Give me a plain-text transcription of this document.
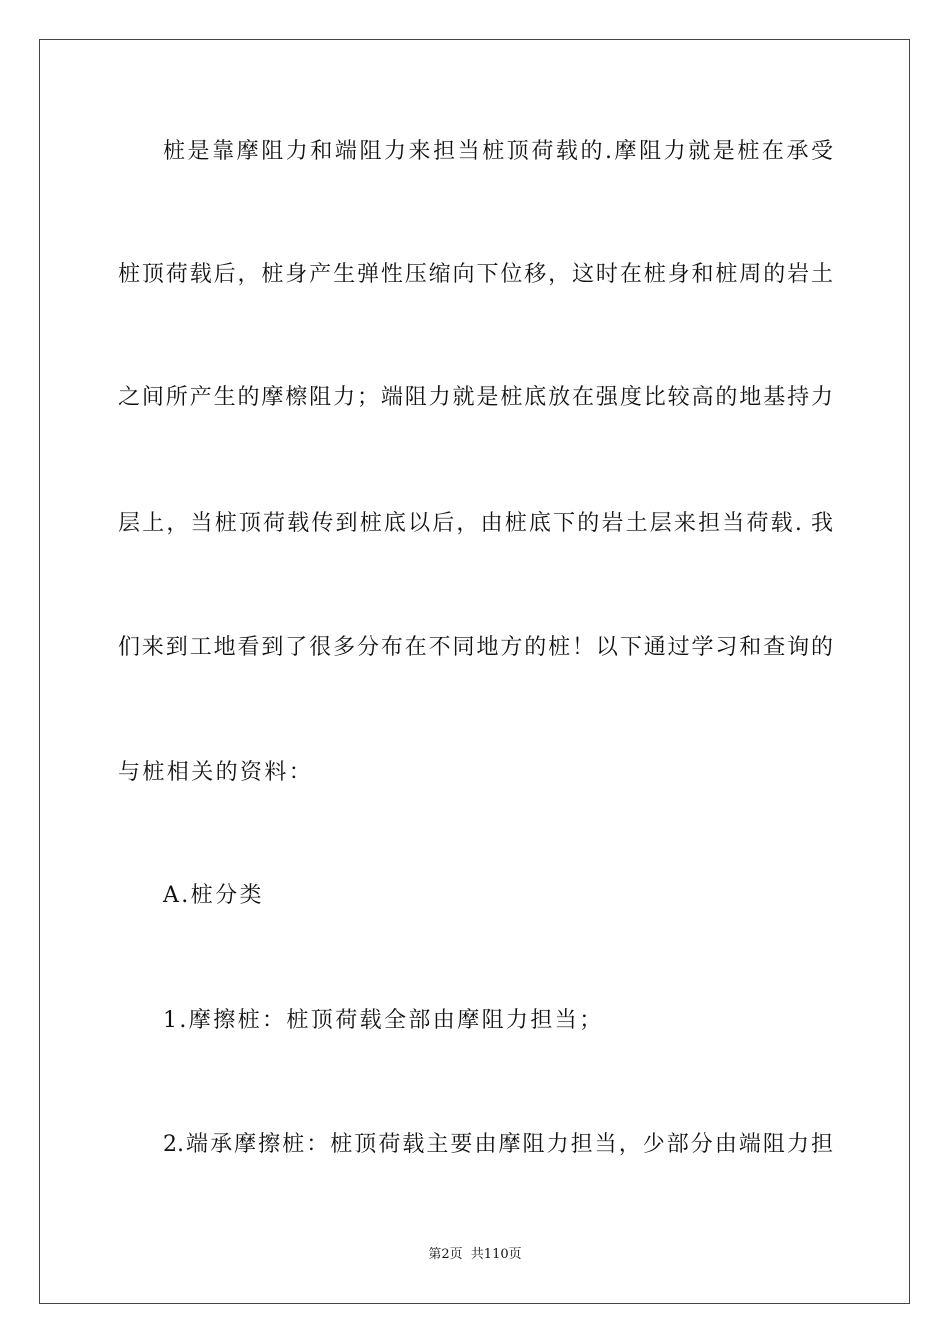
桩是靠摩阻力和端阻力来担当桩顶荷载的.摩阻力就是桩在承受
桩顶荷载后，桩身产生弹性压缩向下位移，这时在桩身和桩周的岩土
之间所产生的摩檫阻力；端阻力就是桩底放在强度比较高的地基持力
层上，当桩顶荷载传到桩底以后，由桩底下的岩土层来担当荷载. 我
们来到工地看到了很多分布在不同地方的桩！以下通过学习和查询的
与桩相关的资料：
A.桩分类
1.摩擦桩：桩顶荷载全部由摩阻力担当；
2.端承摩擦桩：桩顶荷载主要由摩阻力担当，少部分由端阻力担
第2页 共110页
